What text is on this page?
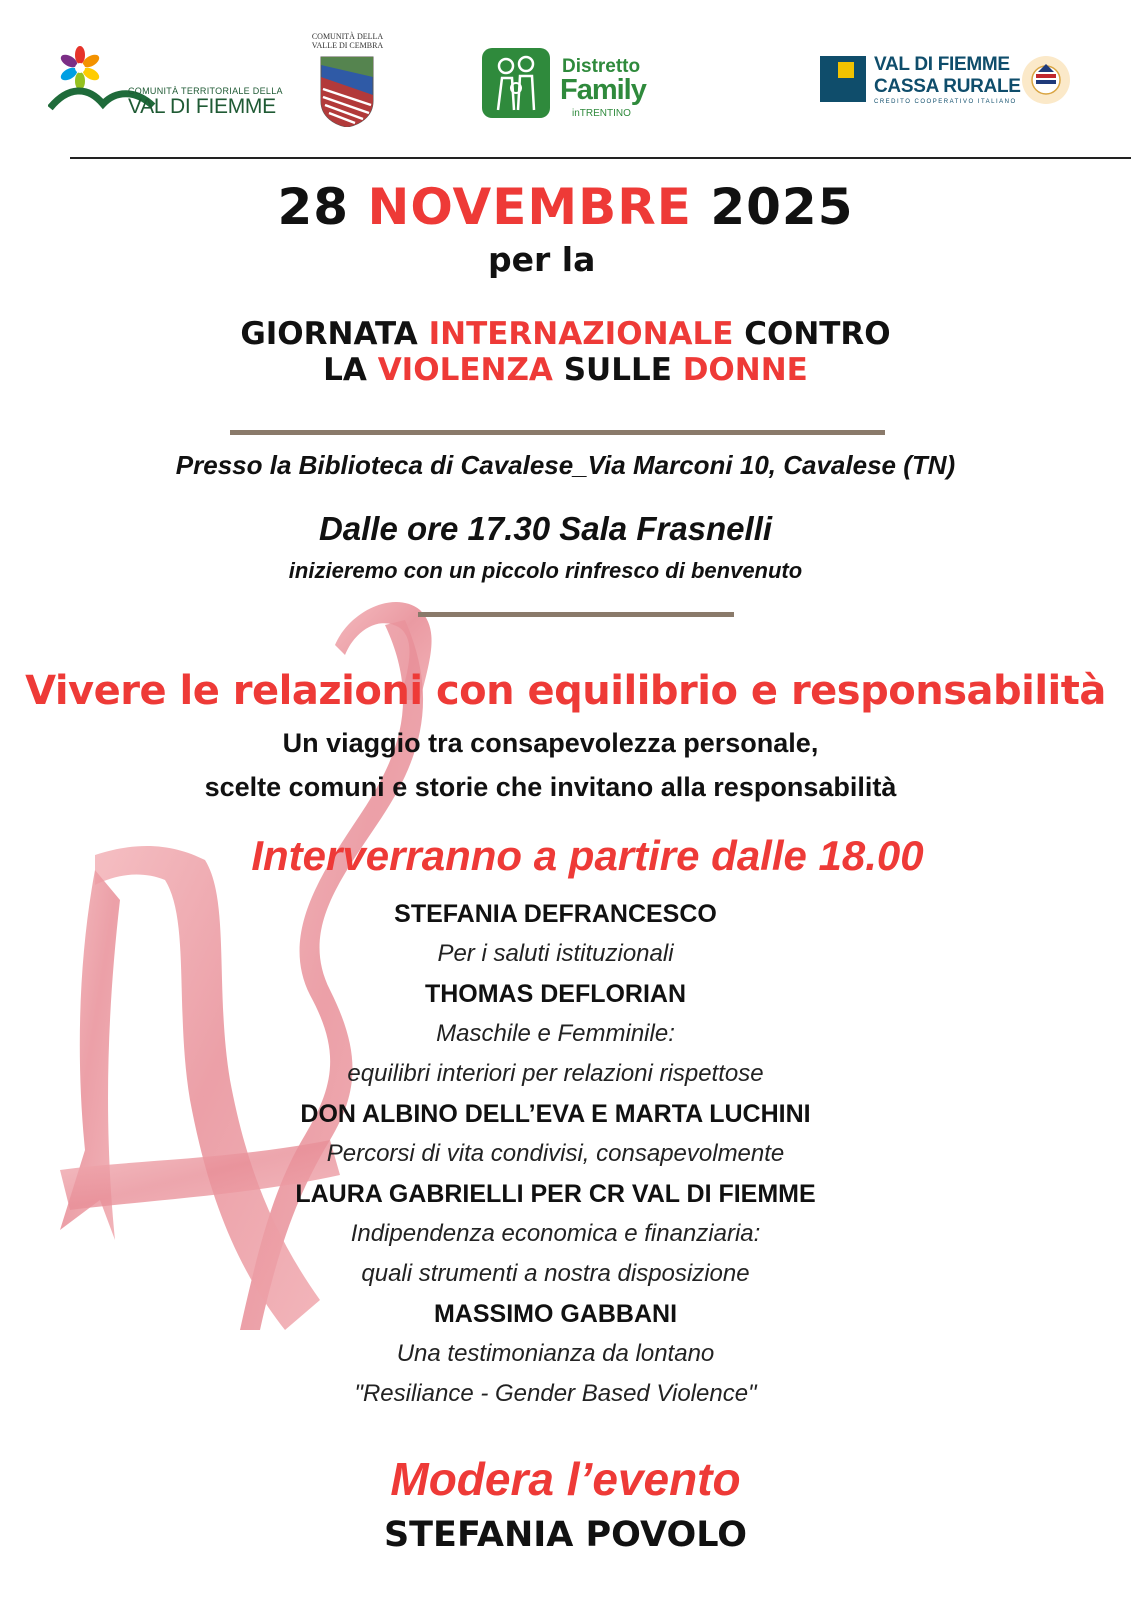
COMUNITÀ TERRITORIALE DELLA
VAL DI FIEMME
COMUNITÀ DELLA VALLE DI CEMBRA
Distretto
Family
inTRENTINO
VAL DI FIEMME
CASSA RURALE
CREDITO COOPERATIVO ITALIANO
28 NOVEMBRE 2025
per la
GIORNATA INTERNAZIONALE CONTRO
LA VIOLENZA SULLE DONNE
Presso la Biblioteca di Cavalese_Via Marconi 10, Cavalese (TN)
Dalle ore 17.30 Sala Frasnelli
inizieremo con un piccolo rinfresco di benvenuto
Vivere le relazioni con equilibrio e responsabilità
Un viaggio tra consapevolezza personale,
scelte comuni e storie che invitano alla responsabilità
Interverranno a partire dalle 18.00
STEFANIA DEFRANCESCO
Per i saluti istituzionali
THOMAS DEFLORIAN
Maschile e Femminile:
equilibri interiori per relazioni rispettose
DON ALBINO DELL’EVA E MARTA LUCHINI
Percorsi di vita condivisi, consapevolmente
LAURA GABRIELLI PER CR VAL DI FIEMME
Indipendenza economica e finanziaria:
quali strumenti a nostra disposizione
MASSIMO GABBANI
Una testimonianza da lontano
"Resiliance - Gender Based Violence"
Modera l’evento
STEFANIA POVOLO
